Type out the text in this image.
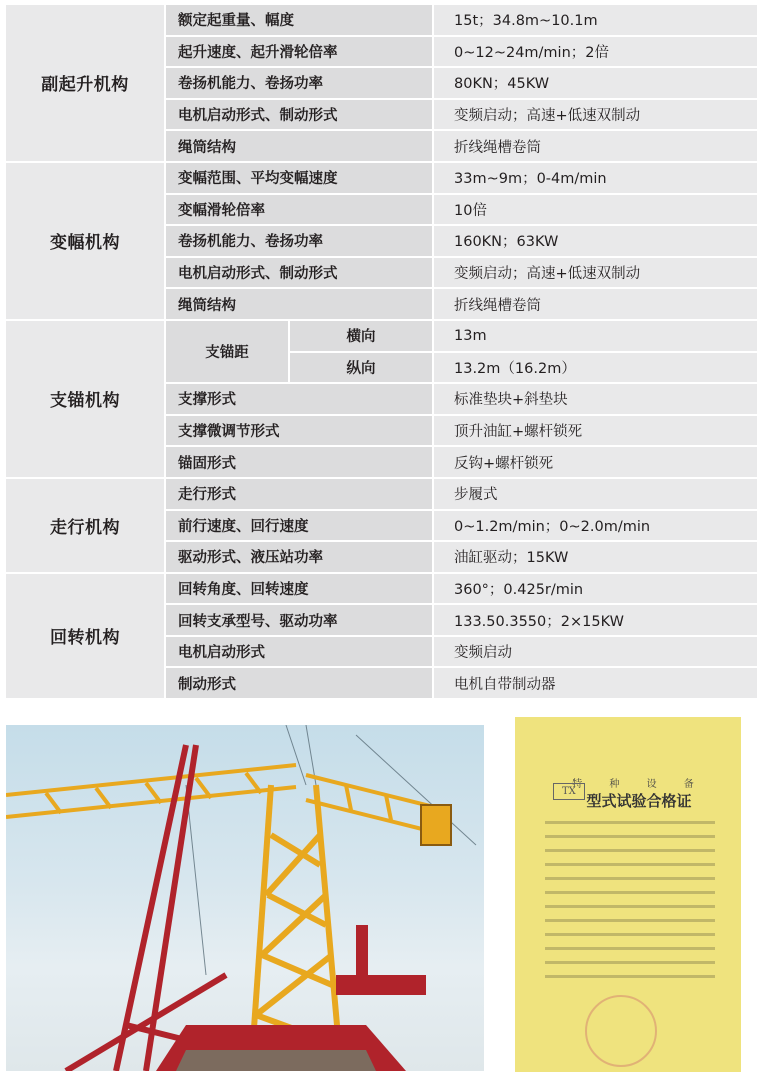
副起升机构	额定起重量、幅度		15t；34.8m~10.1m
	起升速度、起升滑轮倍率		0~12~24m/min；2倍
	卷扬机能力、卷扬功率		80KN；45KW
	电机启动形式、制动形式		变频启动；高速+低速双制动
	绳筒结构		折线绳槽卷筒
变幅机构	变幅范围、平均变幅速度		33m~9m；0-4m/min
	变幅滑轮倍率		10倍
	卷扬机能力、卷扬功率		160KN；63KW
	电机启动形式、制动形式		变频启动；高速+低速双制动
	绳筒结构		折线绳槽卷筒
支锚机构	支锚距	横向	13m
		纵向	13.2m（16.2m）
	支撑形式		标准垫块+斜垫块
	支撑微调节形式		顶升油缸+螺杆锁死
	锚固形式		反钩+螺杆锁死
走行机构	走行形式		步履式
	前行速度、回行速度		0~1.2m/min；0~2.0m/min
	驱动形式、液压站功率		油缸驱动；15KW
回转机构	回转角度、回转速度		360°；0.425r/min
	回转支承型号、驱动功率		133.50.3550；2×15KW
	电机启动形式		变频启动
	制动形式		电机自带制动器
特 种 设 备
TX
型式试验合格证
